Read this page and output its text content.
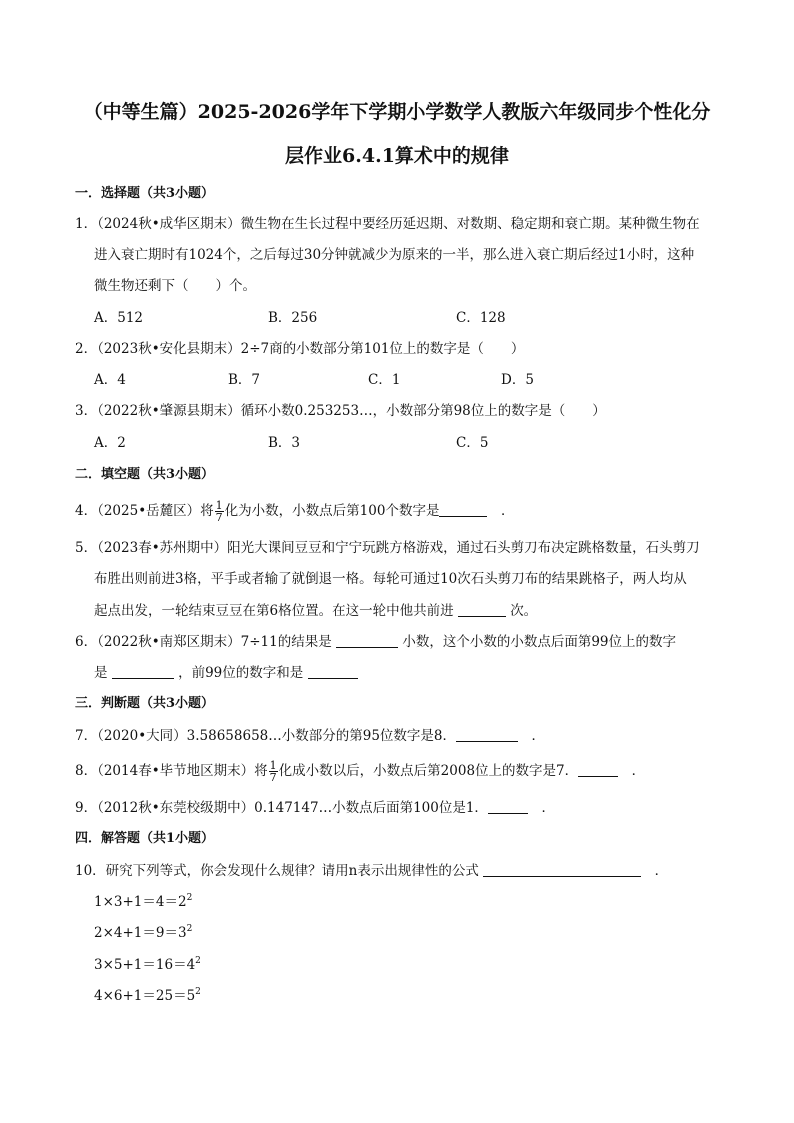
（中等生篇）2025-2026学年下学期小学数学人教版六年级同步个性化分
层作业6.4.1算术中的规律
一．选择题（共3小题）
1．（2024秋•成华区期末）微生物在生长过程中要经历延迟期、对数期、稳定期和衰亡期。某种微生物在
进入衰亡期时有1024个，之后每过30分钟就减少为原来的一半，那么进入衰亡期后经过1小时，这种
微生物还剩下（　　）个。
A．512	B．256	C．128
2．（2023秋•安化县期末）2÷7商的小数部分第101位上的数字是（　　）
A．4	B．7	C．1	D．5
3．（2022秋•肇源县期末）循环小数0.253253…，小数部分第98位上的数字是（　　）
A．2	B．3	C．5
二．填空题（共3小题）
4．（2025•岳麓区）将 $\frac{1}{7}$ 化为小数，小数点后第100个数字是　	．
5．（2023春•苏州期中）阳光大课间豆豆和宁宁玩跳方格游戏，通过石头剪刀布决定跳格数量，石头剪刀
布胜出则前进3格，平手或者输了就倒退一格。每轮可通过10次石头剪刀布的结果跳格子，两人均从
起点出发，一轮结束豆豆在第6格位置。在这一轮中他共前进	次。
6．（2022秋•南郑区期末）7÷11的结果是	小数，这个小数的小数点后面第99位上的数字
是	，前99位的数字和是
三．判断题（共3小题）
7．（2020•大同）3.58658658…小数部分的第95位数字是8．　	．
8．（2014春•毕节地区期末）将 $\frac{1}{7}$ 化成小数以后，小数点后第2008位上的数字是7．　	．
9．（2012秋•东莞校级期中）0.147147…小数点后面第100位是1．　	．
四．解答题（共1小题）
10．研究下列等式，你会发现什么规律？请用n表示出规律性的公式 　	．
$1\times 3+1=4=2^2$
$2\times 4+1=9=3^2$
$3\times 5+1=16=4^2$
$4\times 6+1=25=5^2$
